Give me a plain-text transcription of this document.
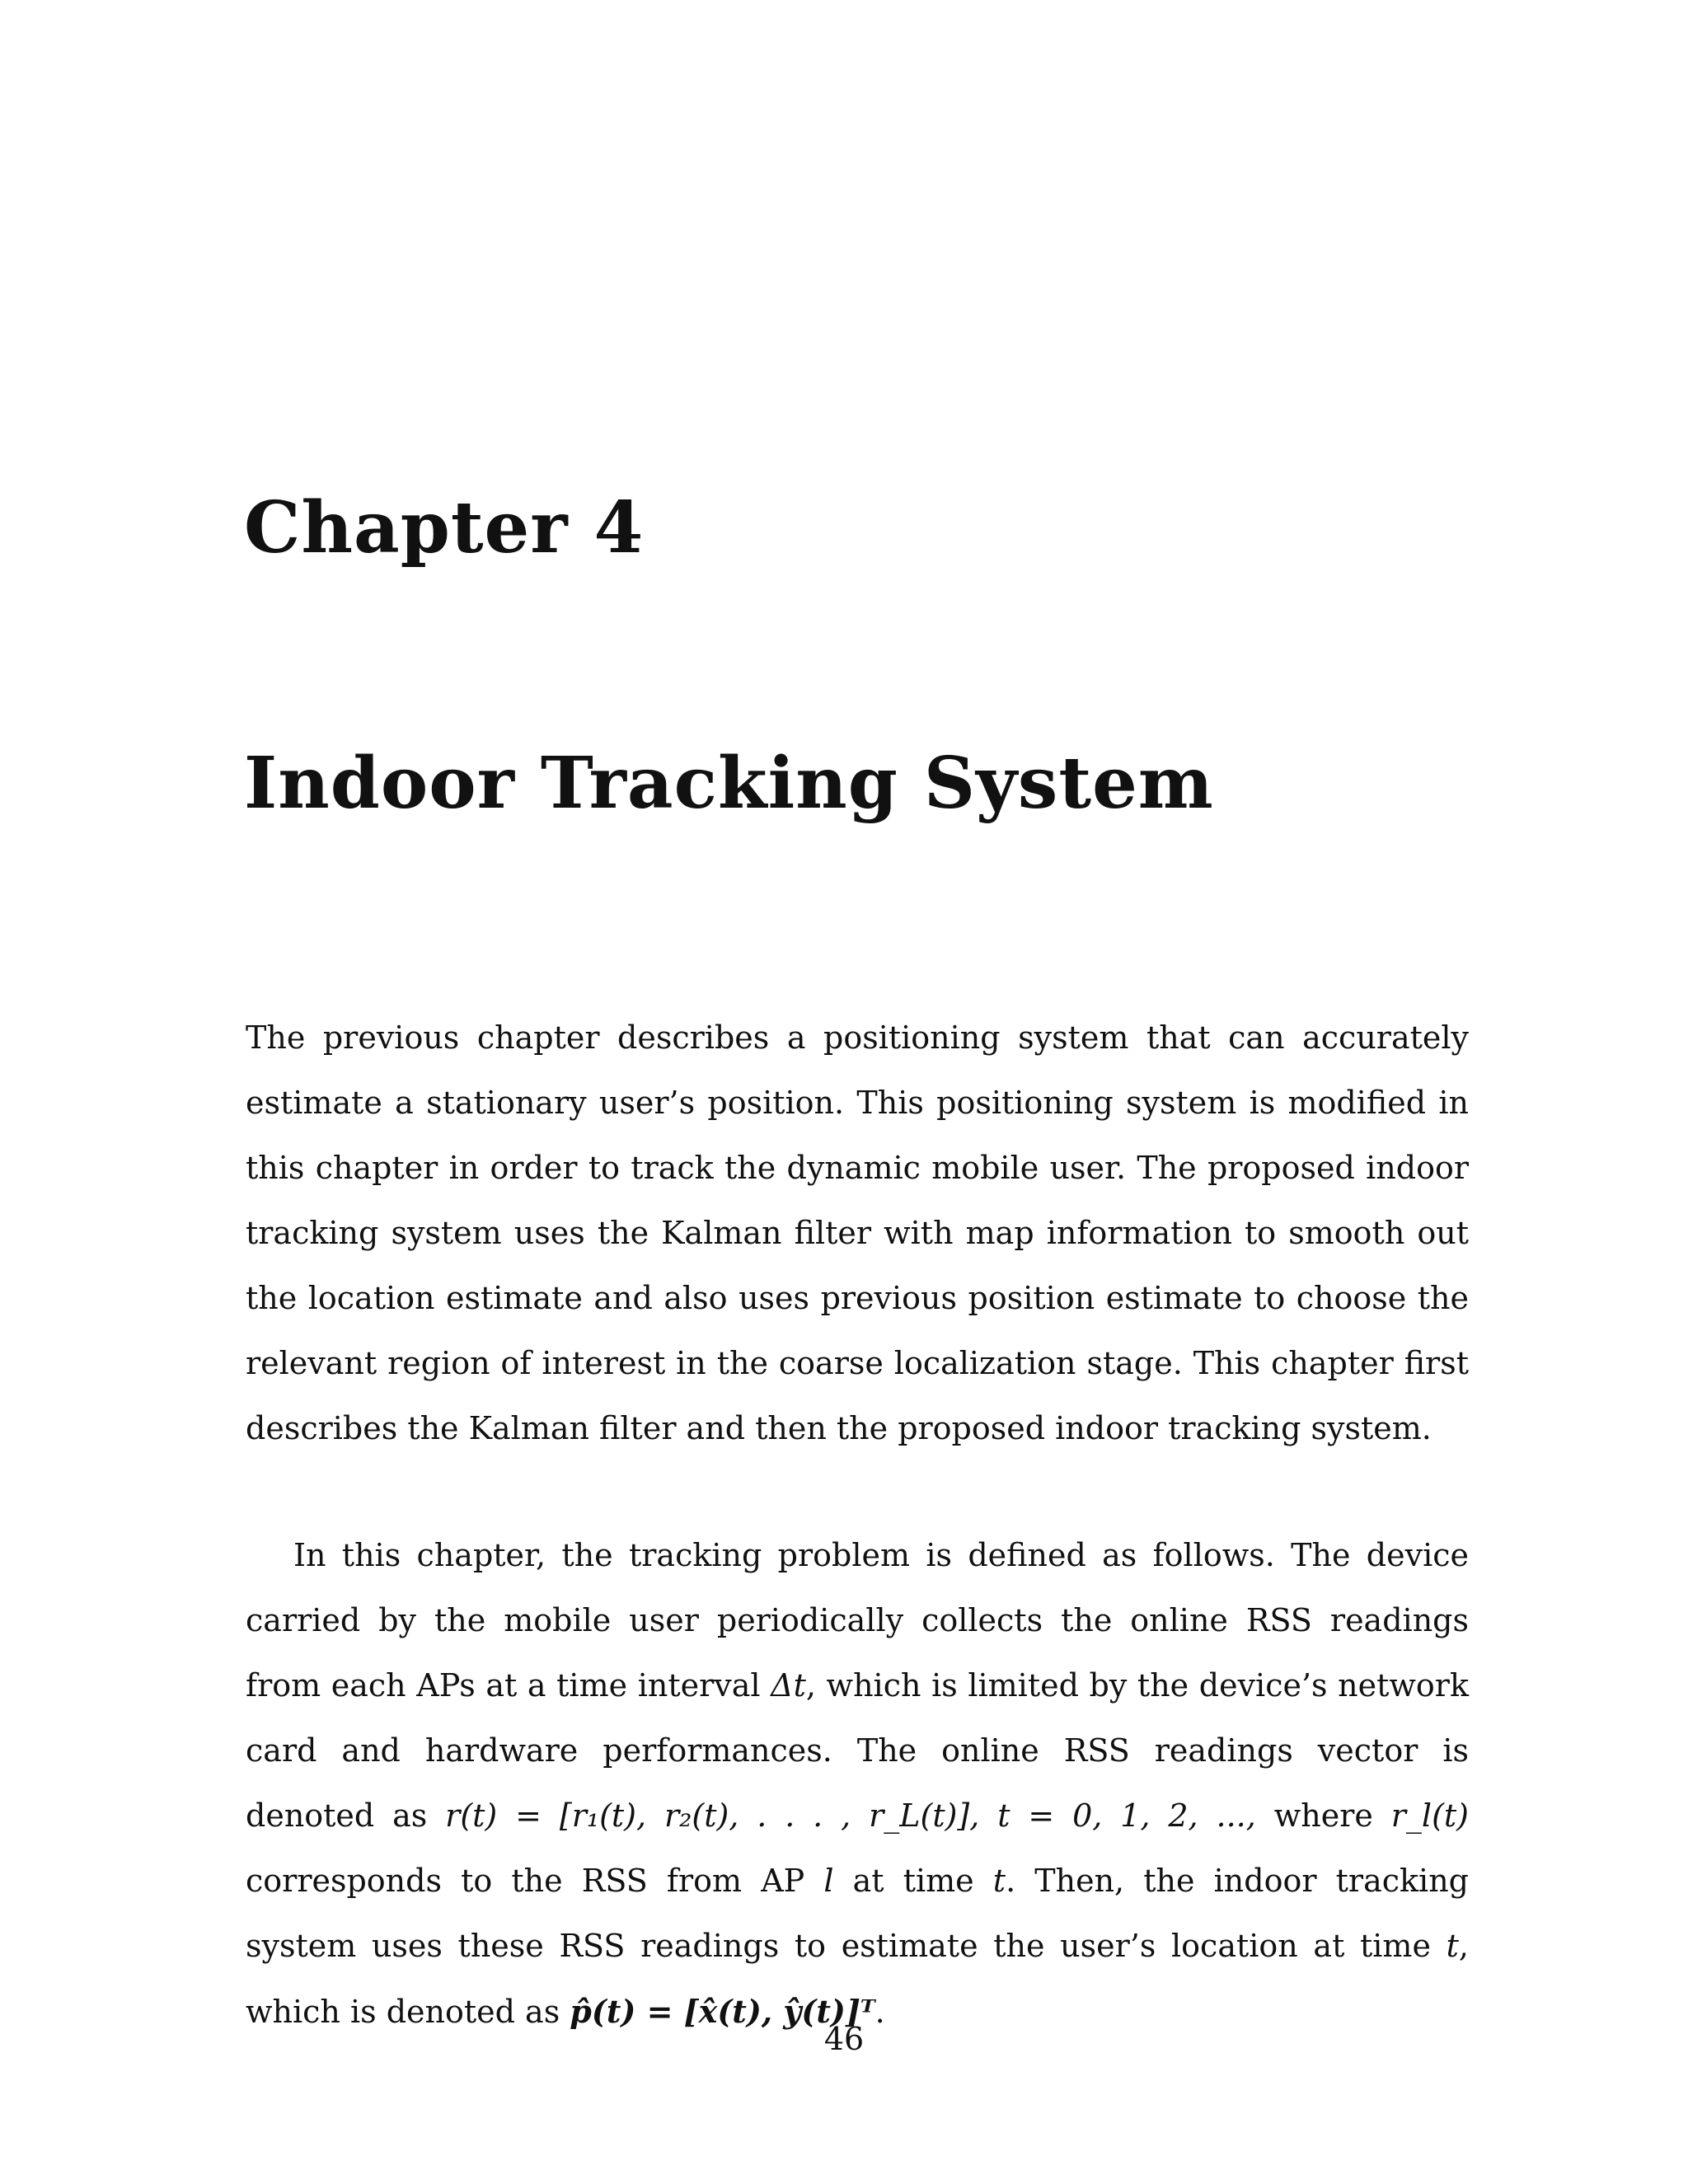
Chapter 4
Indoor Tracking System

The previous chapter describes a positioning system that can accurately estimate a stationary user’s position. This positioning system is modified in this chapter in order to track the dynamic mobile user. The proposed indoor tracking system uses the Kalman filter with map information to smooth out the location estimate and also uses previous position estimate to choose the relevant region of interest in the coarse localization stage. This chapter first describes the Kalman filter and then the proposed indoor tracking system.

In this chapter, the tracking problem is defined as follows. The device carried by the mobile user periodically collects the online RSS readings from each APs at a time interval Δt, which is limited by the device’s network card and hardware performances. The online RSS readings vector is denoted as r(t) = [r₁(t), r₂(t), . . . , r_L(t)], t = 0, 1, 2, ..., where r_l(t) corresponds to the RSS from AP l at time t. Then, the indoor tracking system uses these RSS readings to estimate the user’s location at time t, which is denoted as p̂(t) = [x̂(t), ŷ(t)]ᵀ.

46
